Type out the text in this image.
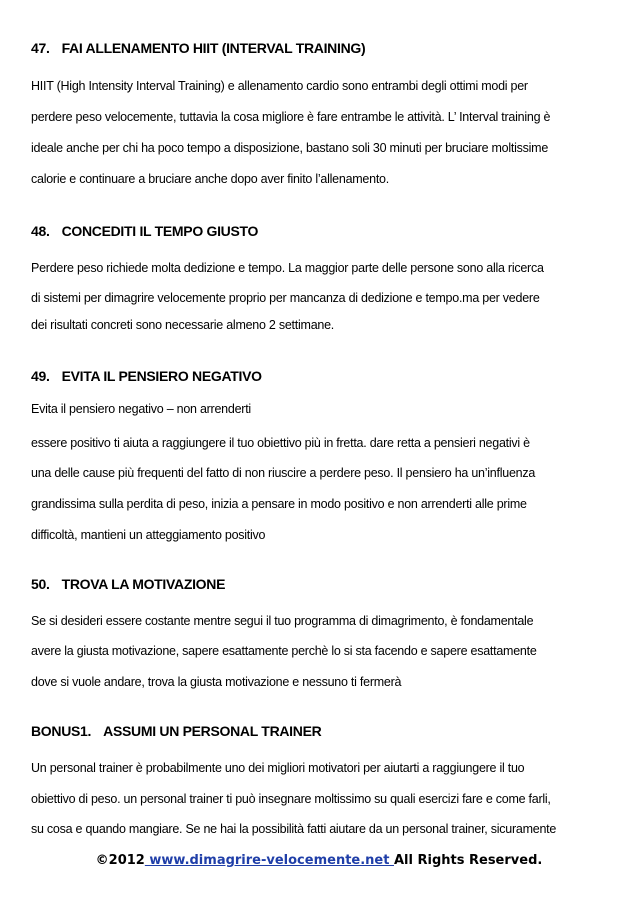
47. FAI ALLENAMENTO HIIT (INTERVAL TRAINING)
HIIT (High Intensity Interval Training) e allenamento cardio sono entrambi degli ottimi modi per
perdere peso velocemente, tuttavia la cosa migliore è fare entrambe le attività. L’ Interval training è
ideale anche per chi ha poco tempo a disposizione, bastano soli 30 minuti per bruciare moltissime
calorie e continuare a bruciare anche dopo aver finito l’allenamento.
48. CONCEDITI IL TEMPO GIUSTO
Perdere peso richiede molta dedizione e tempo. La maggior parte delle persone sono alla ricerca
di sistemi per dimagrire velocemente proprio per mancanza di dedizione e tempo.ma per vedere
dei risultati concreti sono necessarie almeno 2 settimane.
49. EVITA IL PENSIERO NEGATIVO
Evita il pensiero negativo – non arrenderti
essere positivo ti aiuta a raggiungere il tuo obiettivo più in fretta. dare retta a pensieri negativi è
una delle cause più frequenti del fatto di non riuscire a perdere peso. Il pensiero ha un’influenza
grandissima sulla perdita di peso, inizia a pensare in modo positivo e non arrenderti alle prime
difficoltà, mantieni un atteggiamento positivo
50. TROVA LA MOTIVAZIONE
Se si desideri essere costante mentre segui il tuo programma di dimagrimento, è fondamentale
avere la giusta motivazione, sapere esattamente perchè lo si sta facendo e sapere esattamente
dove si vuole andare, trova la giusta motivazione e nessuno ti fermerà
BONUS1. ASSUMI UN PERSONAL TRAINER
Un personal trainer è probabilmente uno dei migliori motivatori per aiutarti a raggiungere il tuo
obiettivo di peso. un personal trainer ti può insegnare moltissimo su quali esercizi fare e come farli,
su cosa e quando mangiare. Se ne hai la possibilità fatti aiutare da un personal trainer, sicuramente
©2012 www.dimagrire-velocemente.net All Rights Reserved.
